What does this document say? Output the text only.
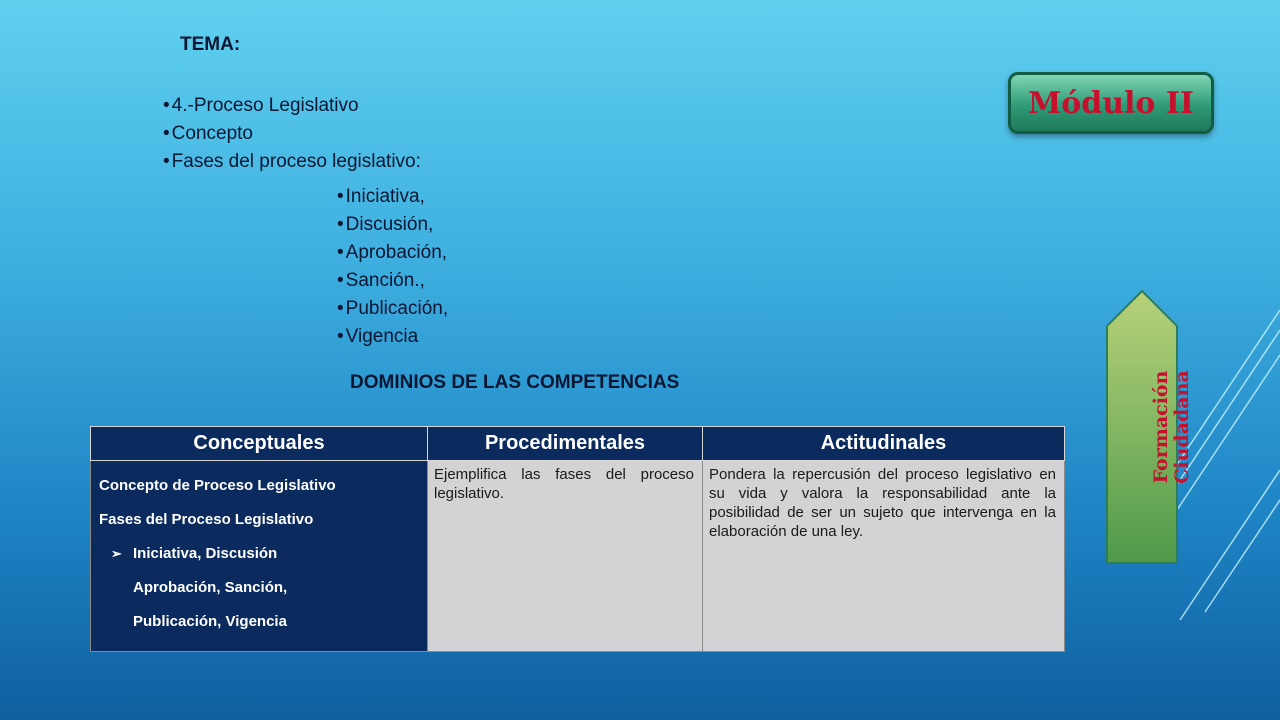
TEMA:
• 4.-Proceso Legislativo
• Concepto
• Fases del proceso legislativo:
• Iniciativa,
• Discusión,
• Aprobación,
• Sanción.,
• Publicación,
• Vigencia
DOMINIOS DE LAS COMPETENCIAS
Módulo II
Formación Ciudadana
Conceptuales	Procedimentales	Actitudinales

Concepto de Proceso Legislativo
Fases del Proceso Legislativo
➢ Iniciativa, Discusión
Aprobación, Sanción,
Publicación, Vigencia	Ejemplifica las fases del proceso legislativo.	Pondera la repercusión del proceso legislativo en su vida y valora la responsabilidad ante la posibilidad de ser un sujeto que intervenga en la elaboración de una ley.
